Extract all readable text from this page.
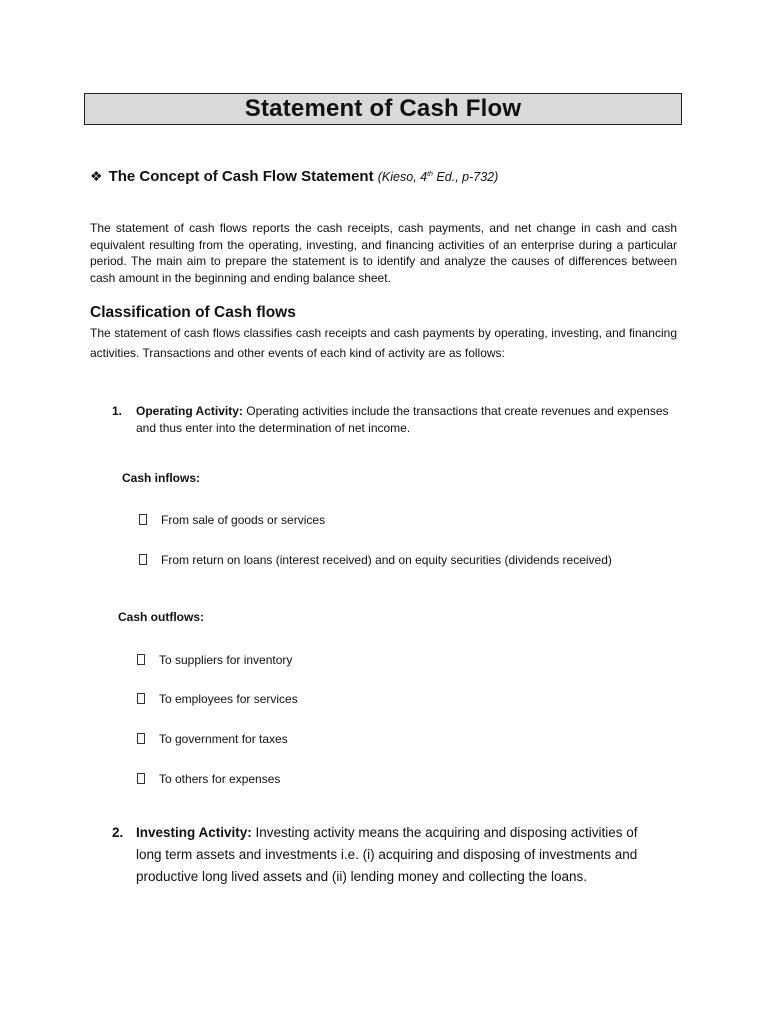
Statement of Cash Flow
❖ The Concept of Cash Flow Statement (Kieso, 4th Ed., p-732)

The statement of cash flows reports the cash receipts, cash payments, and net change in cash and cash equivalent resulting from the operating, investing, and financing activities of an enterprise during a particular period. The main aim to prepare the statement is to identify and analyze the causes of differences between cash amount in the beginning and ending balance sheet.

Classification of Cash flows

The statement of cash flows classifies cash receipts and cash payments by operating, investing, and financing activities. Transactions and other events of each kind of activity are as follows:

1. Operating Activity: Operating activities include the transactions that create revenues and expenses and thus enter into the determination of net income.
Cash inflows:
From sale of goods or services
From return on loans (interest received) and on equity securities (dividends received)
Cash outflows:
To suppliers for inventory
To employees for services
To government for taxes
To others for expenses
2. Investing Activity: Investing activity means the acquiring and disposing activities of long term assets and investments i.e. (i) acquiring and disposing of investments and productive long lived assets and (ii) lending money and collecting the loans.
